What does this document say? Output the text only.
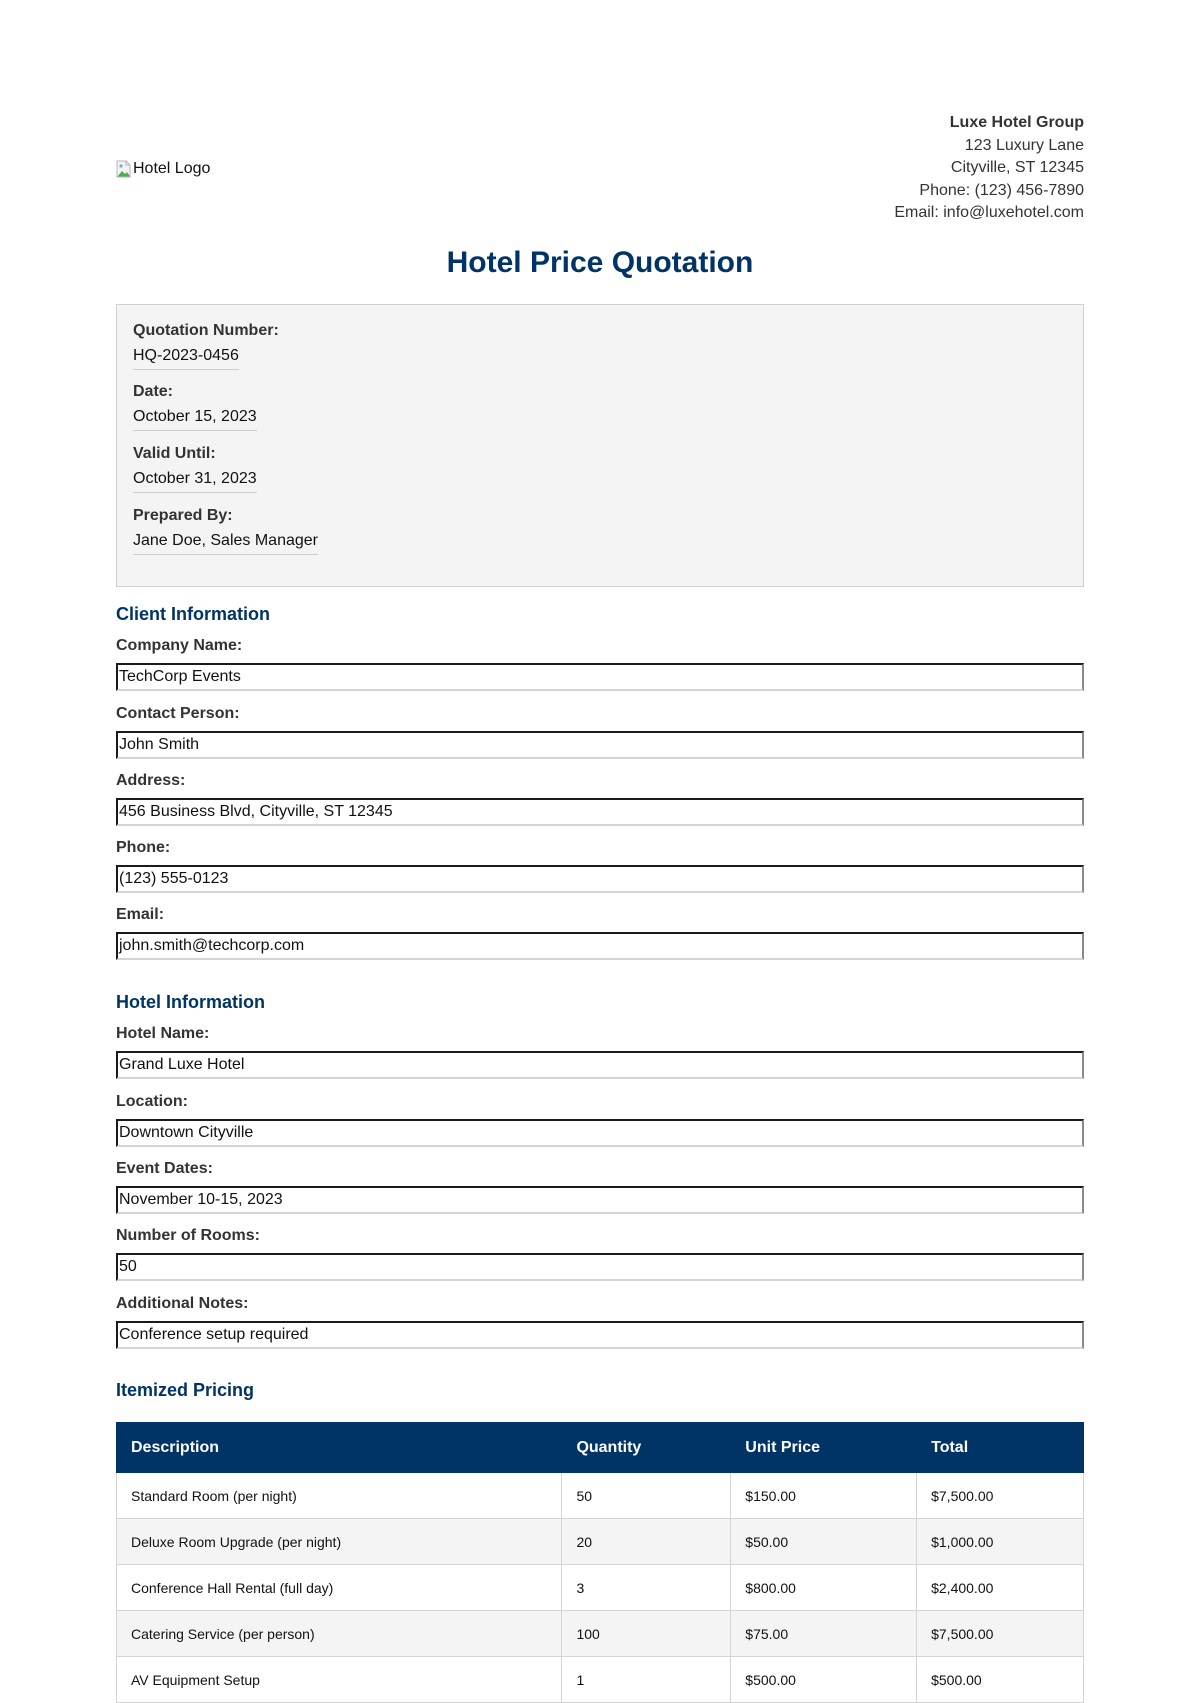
Hotel Logo
Luxe Hotel Group
123 Luxury Lane
Cityville, ST 12345
Phone: (123) 456-7890
Email: info@luxehotel.com
Hotel Price Quotation
Quotation Number:
HQ-2023-0456
Date:
October 15, 2023
Valid Until:
October 31, 2023
Prepared By:
Jane Doe, Sales Manager
Client Information
Company Name:
TechCorp Events
Contact Person:
John Smith
Address:
456 Business Blvd, Cityville, ST 12345
Phone:
(123) 555-0123
Email:
john.smith@techcorp.com
Hotel Information
Hotel Name:
Grand Luxe Hotel
Location:
Downtown Cityville
Event Dates:
November 10-15, 2023
Number of Rooms:
50
Additional Notes:
Conference setup required
Itemized Pricing
Description	Quantity	Unit Price	Total
Standard Room (per night)	50	$150.00	$7,500.00
Deluxe Room Upgrade (per night)	20	$50.00	$1,000.00
Conference Hall Rental (full day)	3	$800.00	$2,400.00
Catering Service (per person)	100	$75.00	$7,500.00
AV Equipment Setup	1	$500.00	$500.00
